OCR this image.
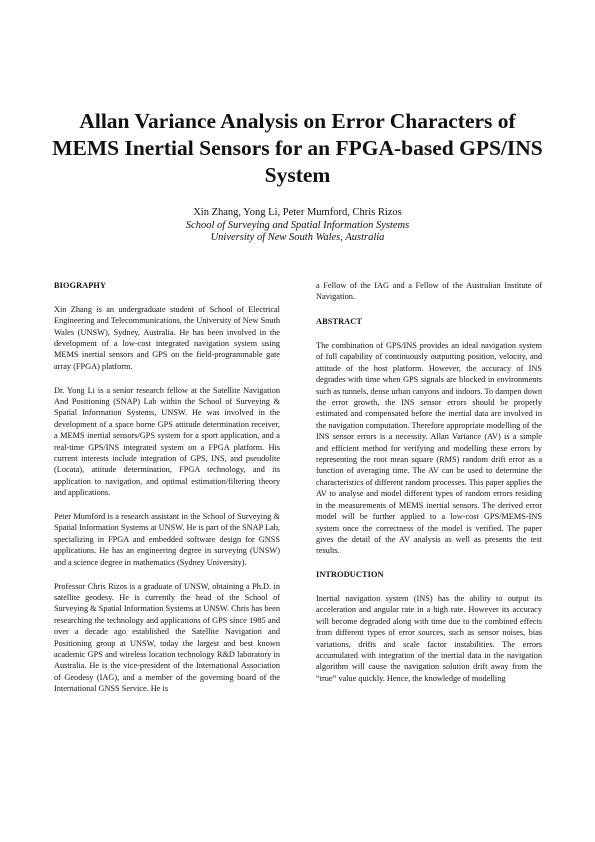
Allan Variance Analysis on Error Characters of
MEMS Inertial Sensors for an FPGA-based GPS/INS
System
Xin Zhang, Yong Li, Peter Mumford, Chris Rizos
School of Surveying and Spatial Information Systems
University of New South Wales, Australia
BIOGRAPHY

Xin Zhang is an undergraduate student of School of Electrical Engineering and Telecommunications, the University of New South Wales (UNSW), Sydney, Australia. He has been involved in the development of a low-cost integrated navigation system using MEMS inertial sensors and GPS on the field-programmable gate array (FPGA) platform.

Dr. Yong Li is a senior research fellow at the Satellite Navigation And Positioning (SNAP) Lab within the School of Surveying & Spatial Information Systems, UNSW. He was involved in the development of a space borne GPS attitude determination receiver, a MEMS inertial sensors/GPS system for a sport application, and a real-time GPS/INS integrated system on a FPGA platform. His current interests include integration of GPS, INS, and pseudolite (Locata), attitude determination, FPGA technology, and its application to navigation, and optimal estimation/filtering theory and applications.

Peter Mumford is a research assistant in the School of Surveying & Spatial Information Systems at UNSW. He is part of the SNAP Lab, specializing in FPGA and embedded software design for GNSS applications. He has an engineering degree in surveying (UNSW) and a science degree in mathematics (Sydney University).

Professor Chris Rizos is a graduate of UNSW, obtaining a Ph.D. in satellite geodesy. He is currently the head of the School of Surveying & Spatial Information Systems at UNSW. Chris has been researching the technology and applications of GPS since 1985 and over a decade ago established the Satellite Navigation and Positioning group at UNSW, today the largest and best known academic GPS and wireless location technology R&D laboratory in Australia. He is the vice-president of the International Association of Geodesy (IAG), and a member of the governing board of the International GNSS Service. He is

a Fellow of the IAG and a Fellow of the Australian Institute of Navigation.

ABSTRACT

The combination of GPS/INS provides an ideal navigation system of full capability of continuously outputting position, velocity, and attitude of the host platform. However, the accuracy of INS degrades with time when GPS signals are blocked in environments such as tunnels, dense urban canyons and indoors. To dampen down the error growth, the INS sensor errors should be properly estimated and compensated before the inertial data are involved in the navigation computation. Therefore appropriate modelling of the INS sensor errors is a necessity. Allan Variance (AV) is a simple and efficient method for verifying and modelling these errors by representing the root mean square (RMS) random drift error as a function of averaging time. The AV can be used to determine the characteristics of different random processes. This paper applies the AV to analyse and model different types of random errors residing in the measurements of MEMS inertial sensors. The derived error model will be further applied to a low-cost GPS/MEMS-INS system once the correctness of the model is verified. The paper gives the detail of the AV analysis as well as presents the test results.

INTRODUCTION

Inertial navigation system (INS) has the ability to output its acceleration and angular rate in a high rate. However its accuracy will become degraded along with time due to the combined effects from different types of error sources, such as sensor noises, bias variations, drifts and scale factor instabilities. The errors accumulated with integration of the inertial data in the navigation algorithm will cause the navigation solution drift away from the “true” value quickly. Hence, the knowledge of modelling
